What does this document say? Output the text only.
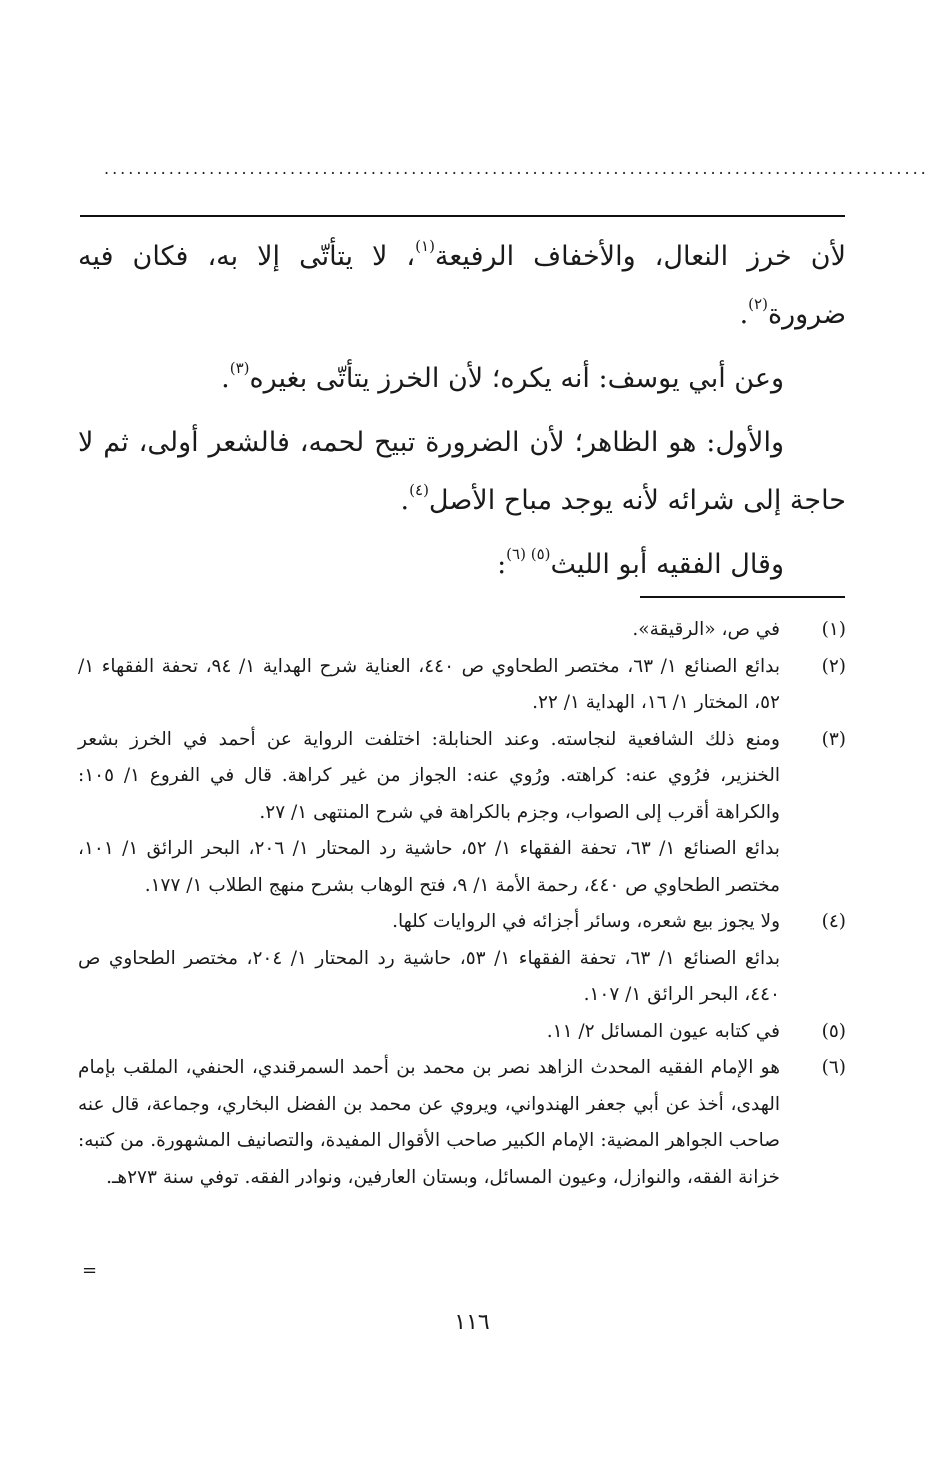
......................................................................................................

لأن خرز النعال، والأخفاف الرفيعة$^{(١)}$، لا يتأتّى إلا به، فكان فيه ضرورة$^{(٢)}$.

وعن أبي يوسف: أنه يكره؛ لأن الخرز يتأتّى بغيره$^{(٣)}$.

والأول: هو الظاهر؛ لأن الضرورة تبيح لحمه، فالشعر أولى، ثم لا حاجة إلى شرائه لأنه يوجد مباح الأصل$^{(٤)}$.

وقال الفقيه أبو الليث$^{(٥) (٦)}$:

(١)
في ص، «الرقيقة».
(٢)
بدائع الصنائع ١/ ٦٣، مختصر الطحاوي ص ٤٤٠، العناية شرح الهداية ١/ ٩٤، تحفة الفقهاء ١/ ٥٢، المختار ١/ ١٦، الهداية ١/ ٢٢.
(٣)
ومنع ذلك الشافعية لنجاسته. وعند الحنابلة: اختلفت الرواية عن أحمد في الخرز بشعر الخنزير، فرُوي عنه: كراهته. ورُوي عنه: الجواز من غير كراهة. قال في الفروع ١/ ١٠٥: والكراهة أقرب إلى الصواب، وجزم بالكراهة في شرح المنتهى ١/ ٢٧.
بدائع الصنائع ١/ ٦٣، تحفة الفقهاء ١/ ٥٢، حاشية رد المحتار ١/ ٢٠٦، البحر الرائق ١/ ١٠١، مختصر الطحاوي ص ٤٤٠، رحمة الأمة ١/ ٩، فتح الوهاب بشرح منهج الطلاب ١/ ١٧٧.
(٤)
ولا يجوز بيع شعره، وسائر أجزائه في الروايات كلها.
بدائع الصنائع ١/ ٦٣، تحفة الفقهاء ١/ ٥٣، حاشية رد المحتار ١/ ٢٠٤، مختصر الطحاوي ص ٤٤٠، البحر الرائق ١/ ١٠٧.
(٥)
في كتابه عيون المسائل ٢/ ١١.
(٦)
هو الإمام الفقيه المحدث الزاهد نصر بن محمد بن أحمد السمرقندي، الحنفي، الملقب بإمام الهدى، أخذ عن أبي جعفر الهندواني، ويروي عن محمد بن الفضل البخاري، وجماعة، قال عنه صاحب الجواهر المضية: الإمام الكبير صاحب الأقوال المفيدة، والتصانيف المشهورة. من كتبه: خزانة الفقه، والنوازل، وعيون المسائل، وبستان العارفين، ونوادر الفقه. توفي سنة ٢٧٣هـ.
=
١١٦
